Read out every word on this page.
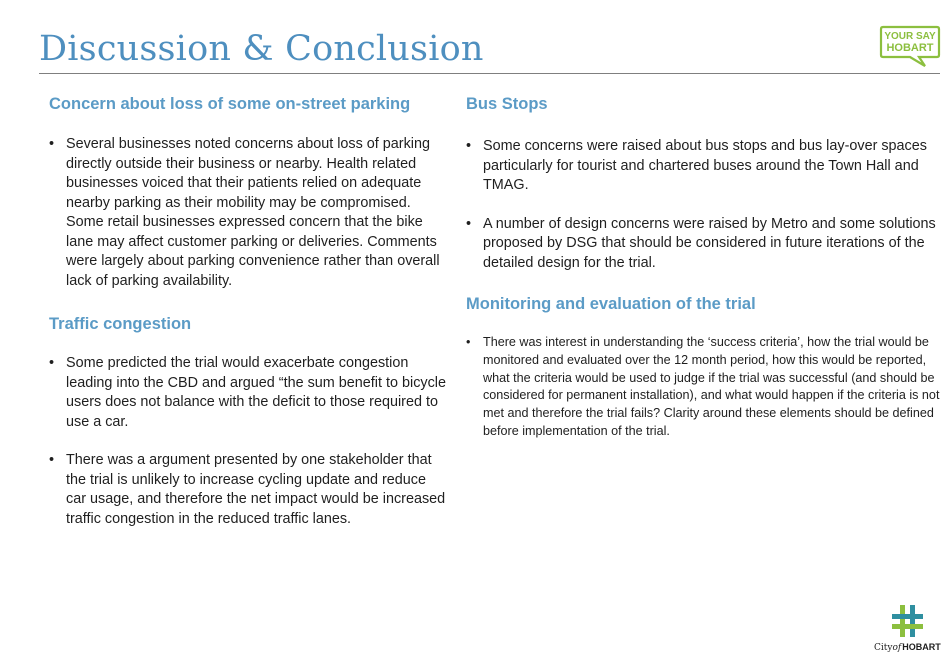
Discussion & Conclusion	YOUR SAY
HOBART
Concern about loss of some on-street parking
• Several businesses noted concerns about loss of parking directly outside their business or nearby. Health related businesses voiced that their patients relied on adequate nearby parking as their mobility may be compromised. Some retail businesses expressed concern that the bike lane may affect customer parking or deliveries. Comments were largely about parking convenience rather than overall lack of parking availability.
Traffic congestion
• Some predicted the trial would exacerbate congestion leading into the CBD and argued “the sum benefit to bicycle users does not balance with the deficit to those required to use a car.
• There was a argument presented by one stakeholder that the trial is unlikely to increase cycling update and reduce car usage, and therefore the net impact would be increased traffic congestion in the reduced traffic lanes.
Bus Stops
• Some concerns were raised about bus stops and bus lay-over spaces particularly for tourist and chartered buses around the Town Hall and TMAG.
• A number of design concerns were raised by Metro and some solutions proposed by DSG that should be considered in future iterations of the detailed design for the trial.
Monitoring and evaluation of the trial
• There was interest in understanding the ‘success criteria’, how the trial would be monitored and evaluated over the 12 month period, how this would be reported, what the criteria would be used to judge if the trial was successful (and should be considered for permanent installation), and what would happen if the criteria is not met and therefore the trial fails? Clarity around these elements should be defined before implementation of the trial.
CityofHOBART
